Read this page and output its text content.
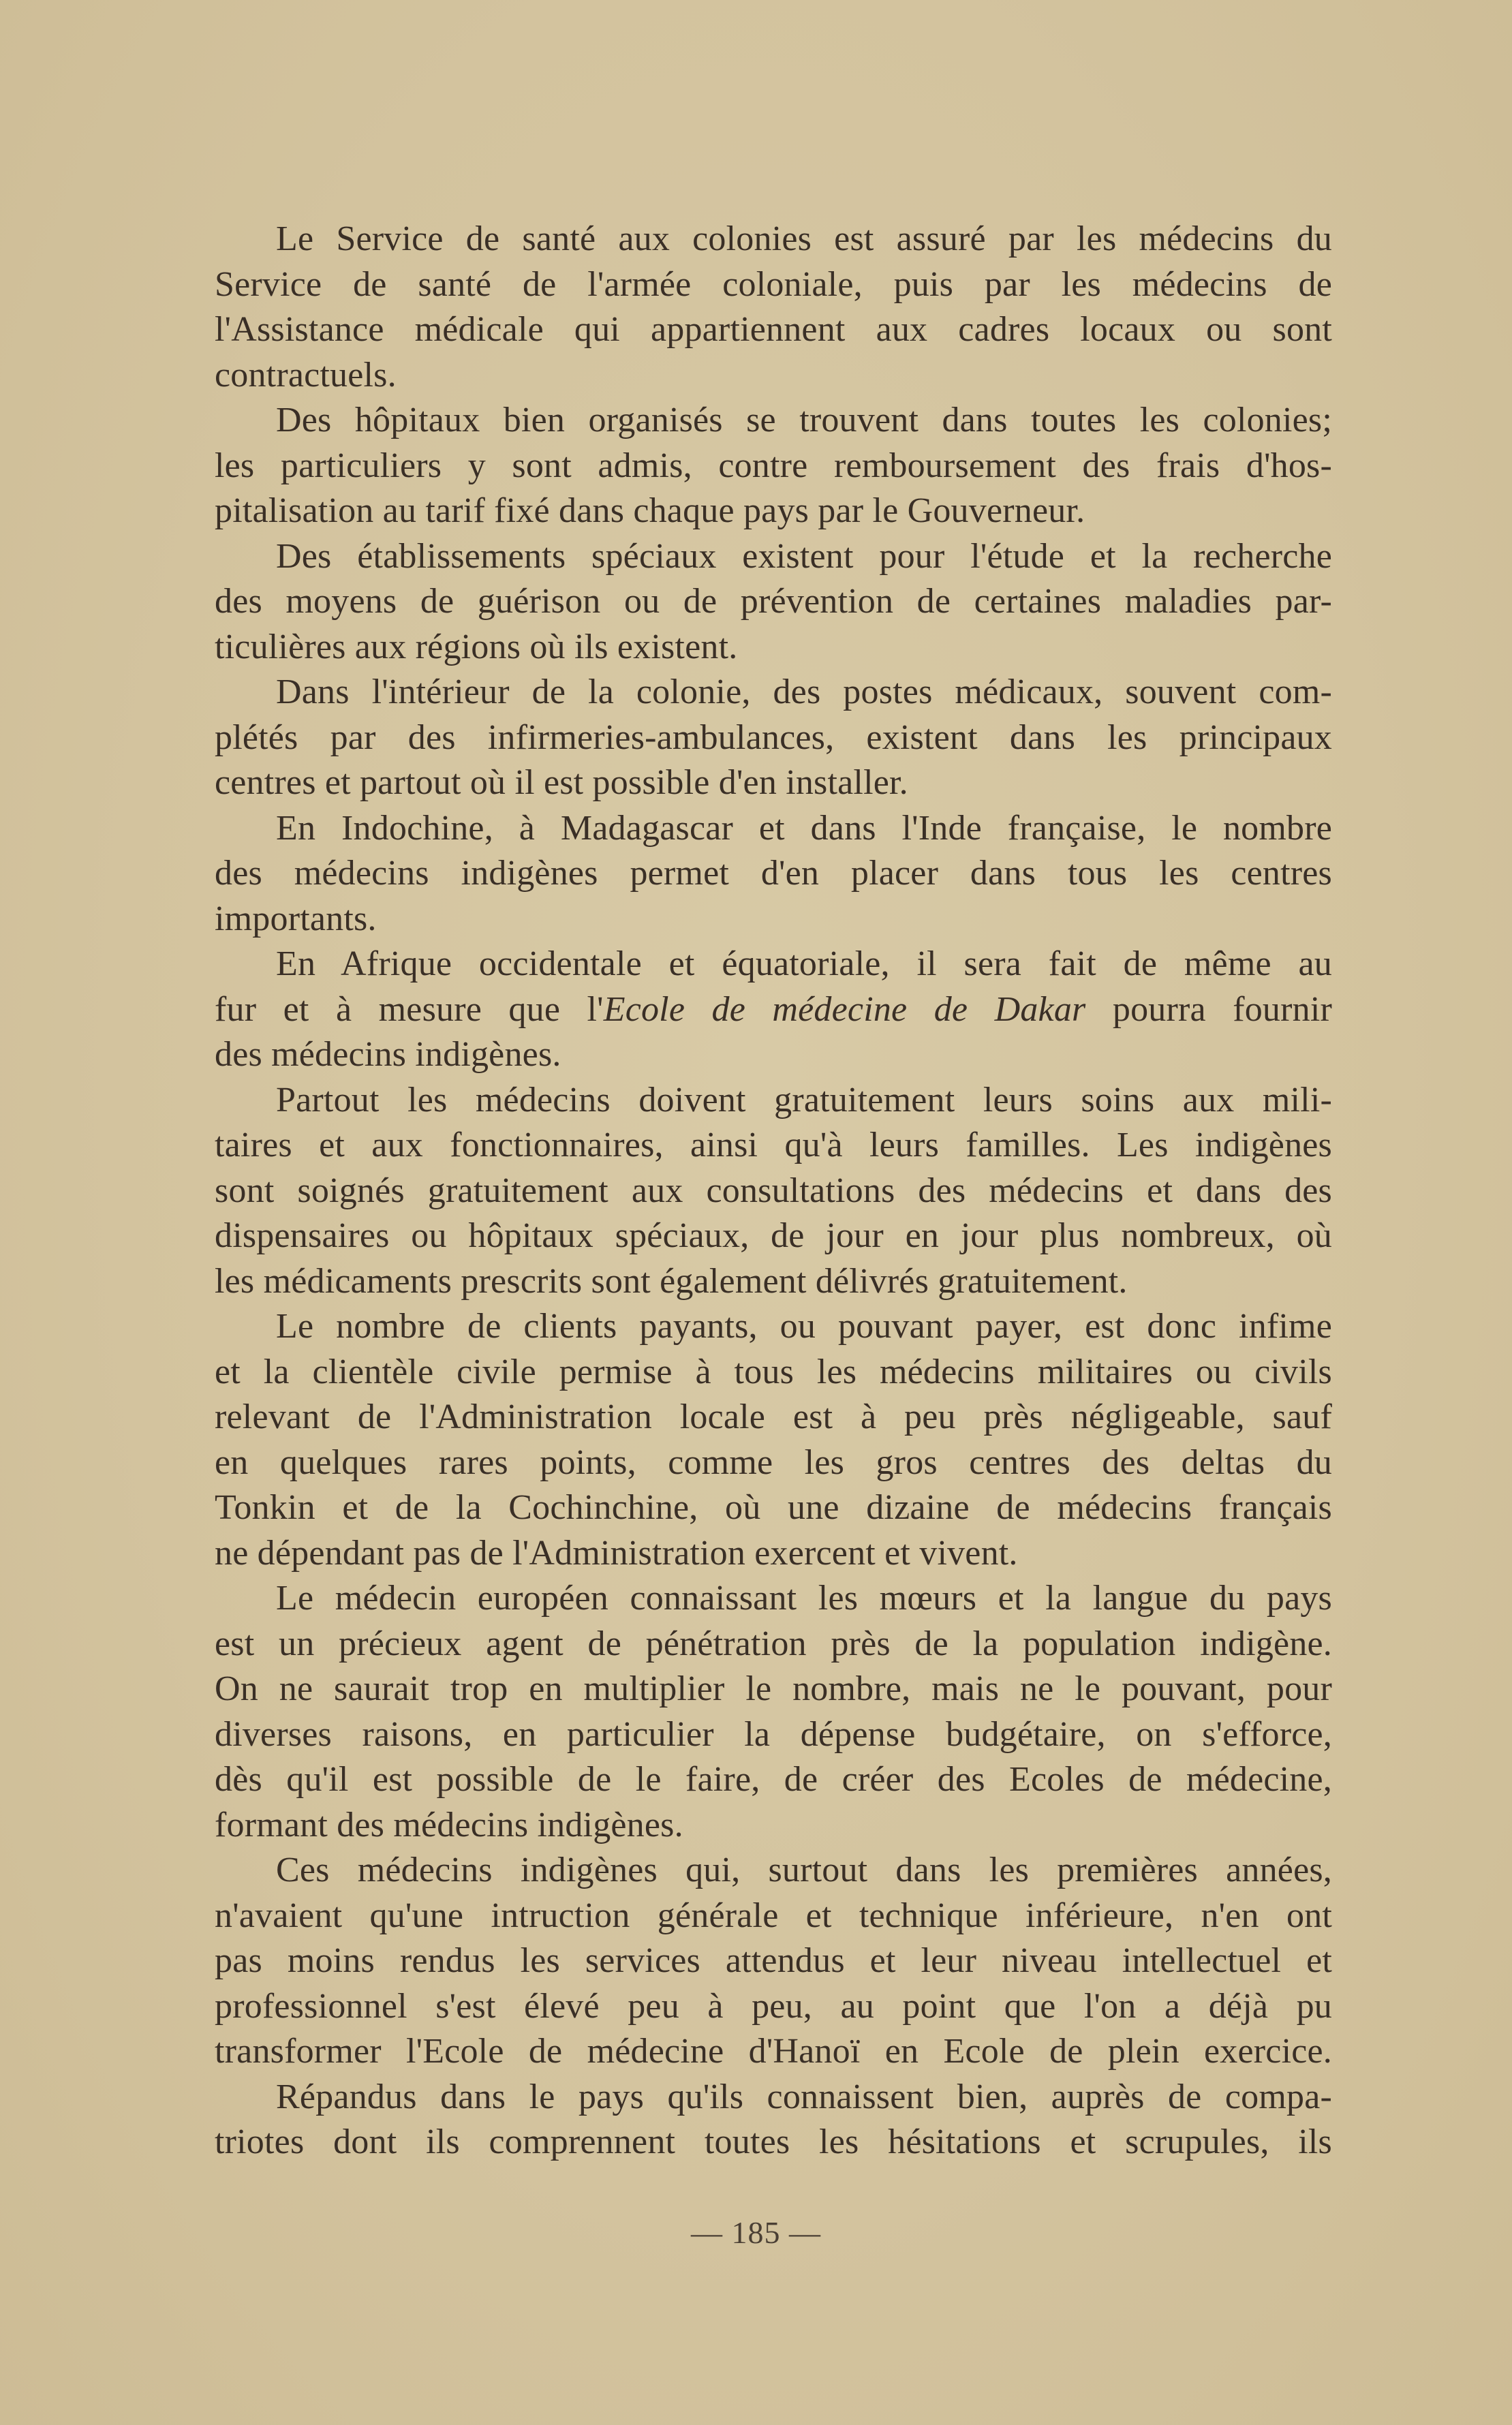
Le Service de santé aux colonies est assuré par les médecins du
Service de santé de l'armée coloniale, puis par les médecins de
l'Assistance médicale qui appartiennent aux cadres locaux ou sont
contractuels.
Des hôpitaux bien organisés se trouvent dans toutes les colonies;
les particuliers y sont admis, contre remboursement des frais d'hos-
pitalisation au tarif fixé dans chaque pays par le Gouverneur.
Des établissements spéciaux existent pour l'étude et la recherche
des moyens de guérison ou de prévention de certaines maladies par-
ticulières aux régions où ils existent.
Dans l'intérieur de la colonie, des postes médicaux, souvent com-
plétés par des infirmeries-ambulances, existent dans les principaux
centres et partout où il est possible d'en installer.
En Indochine, à Madagascar et dans l'Inde française, le nombre
des médecins indigènes permet d'en placer dans tous les centres
importants.
En Afrique occidentale et équatoriale, il sera fait de même au
fur et à mesure que l'Ecole de médecine de Dakar pourra fournir
des médecins indigènes.
Partout les médecins doivent gratuitement leurs soins aux mili-
taires et aux fonctionnaires, ainsi qu'à leurs familles. Les indigènes
sont soignés gratuitement aux consultations des médecins et dans des
dispensaires ou hôpitaux spéciaux, de jour en jour plus nombreux, où
les médicaments prescrits sont également délivrés gratuitement.
Le nombre de clients payants, ou pouvant payer, est donc infime
et la clientèle civile permise à tous les médecins militaires ou civils
relevant de l'Administration locale est à peu près négligeable, sauf
en quelques rares points, comme les gros centres des deltas du
Tonkin et de la Cochinchine, où une dizaine de médecins français
ne dépendant pas de l'Administration exercent et vivent.
Le médecin européen connaissant les mœurs et la langue du pays
est un précieux agent de pénétration près de la population indigène.
On ne saurait trop en multiplier le nombre, mais ne le pouvant, pour
diverses raisons, en particulier la dépense budgétaire, on s'efforce,
dès qu'il est possible de le faire, de créer des Ecoles de médecine,
formant des médecins indigènes.
Ces médecins indigènes qui, surtout dans les premières années,
n'avaient qu'une intruction générale et technique inférieure, n'en ont
pas moins rendus les services attendus et leur niveau intellectuel et
professionnel s'est élevé peu à peu, au point que l'on a déjà pu
transformer l'Ecole de médecine d'Hanoï en Ecole de plein exercice.
Répandus dans le pays qu'ils connaissent bien, auprès de compa-
triotes dont ils comprennent toutes les hésitations et scrupules, ils
— 185 —
